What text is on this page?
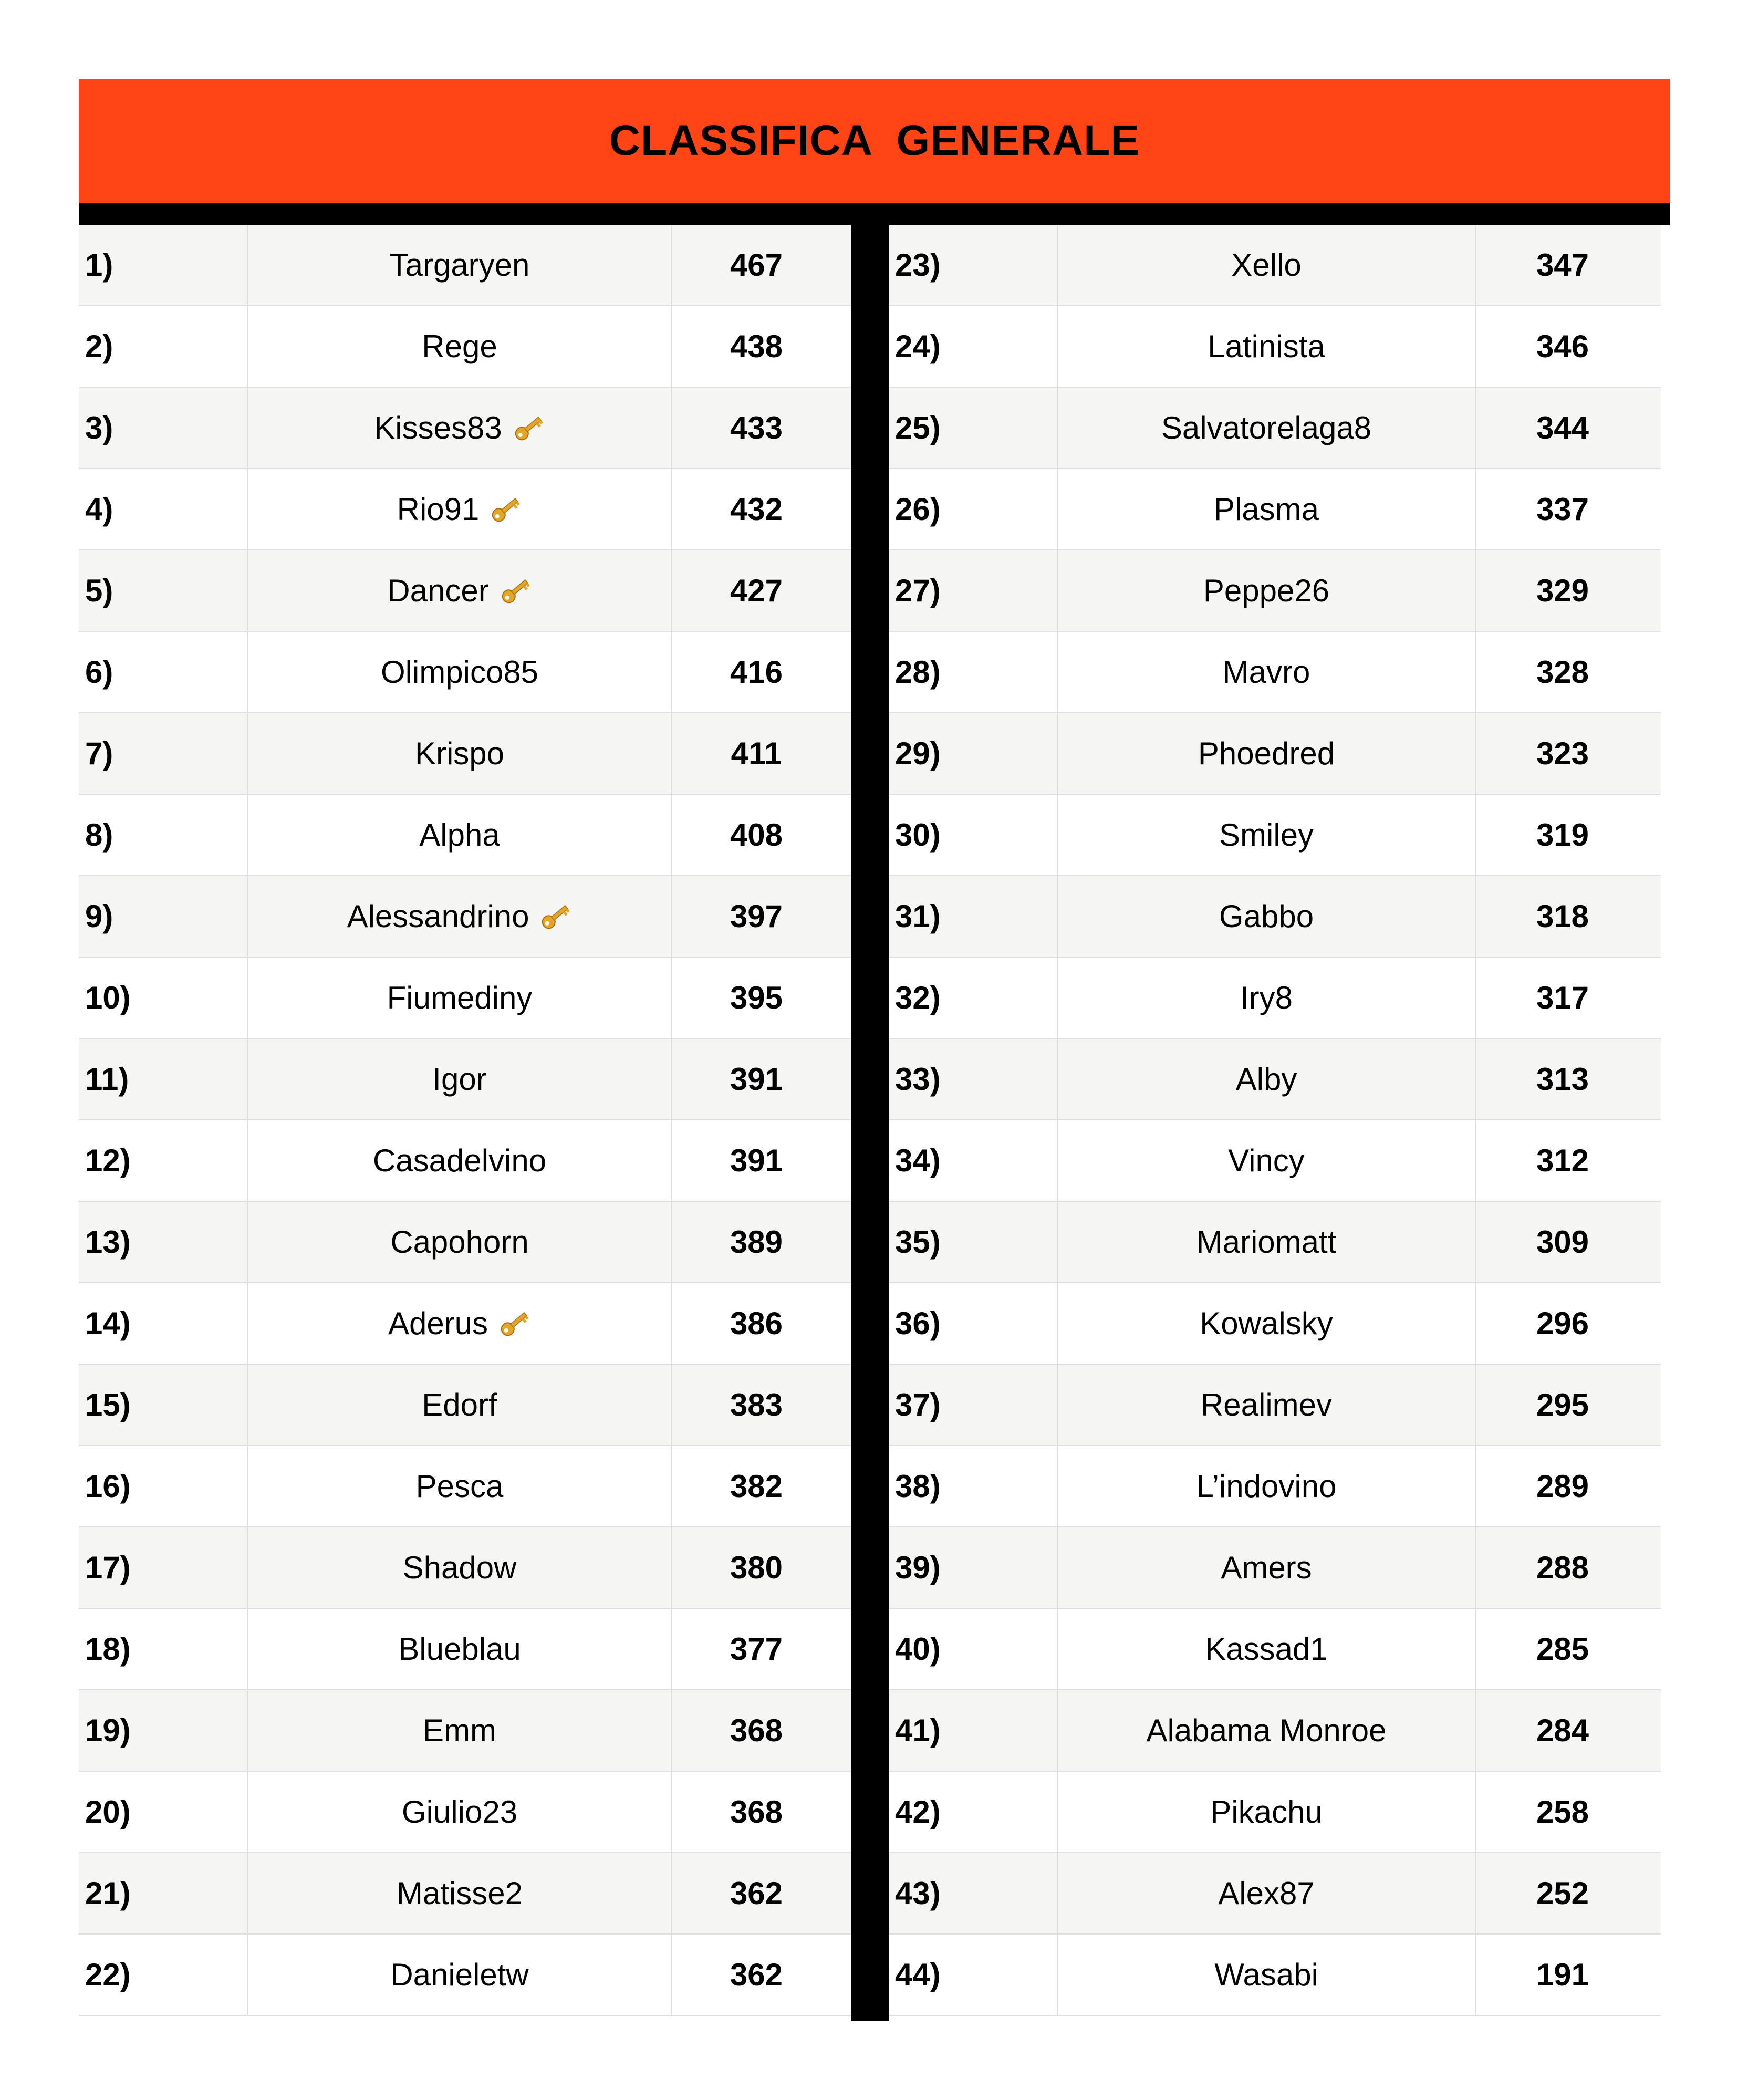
CLASSIFICA  GENERALE
1)	Targaryen	467
2)	Rege	438
3)	Kisses83	433
4)	Rio91	432
5)	Dancer	427
6)	Olimpico85	416
7)	Krispo	411
8)	Alpha	408
9)	Alessandrino	397
10)	Fiumediny	395
11)	Igor	391
12)	Casadelvino	391
13)	Capohorn	389
14)	Aderus	386
15)	Edorf	383
16)	Pesca	382
17)	Shadow	380
18)	Blueblau	377
19)	Emm	368
20)	Giulio23	368
21)	Matisse2	362
22)	Danieletw	362
23)	Xello	347
24)	Latinista	346
25)	Salvatorelaga8	344
26)	Plasma	337
27)	Peppe26	329
28)	Mavro	328
29)	Phoedred	323
30)	Smiley	319
31)	Gabbo	318
32)	Iry8	317
33)	Alby	313
34)	Vincy	312
35)	Mariomatt	309
36)	Kowalsky	296
37)	Realimev	295
38)	L’indovino	289
39)	Amers	288
40)	Kassad1	285
41)	Alabama Monroe	284
42)	Pikachu	258
43)	Alex87	252
44)	Wasabi	191
